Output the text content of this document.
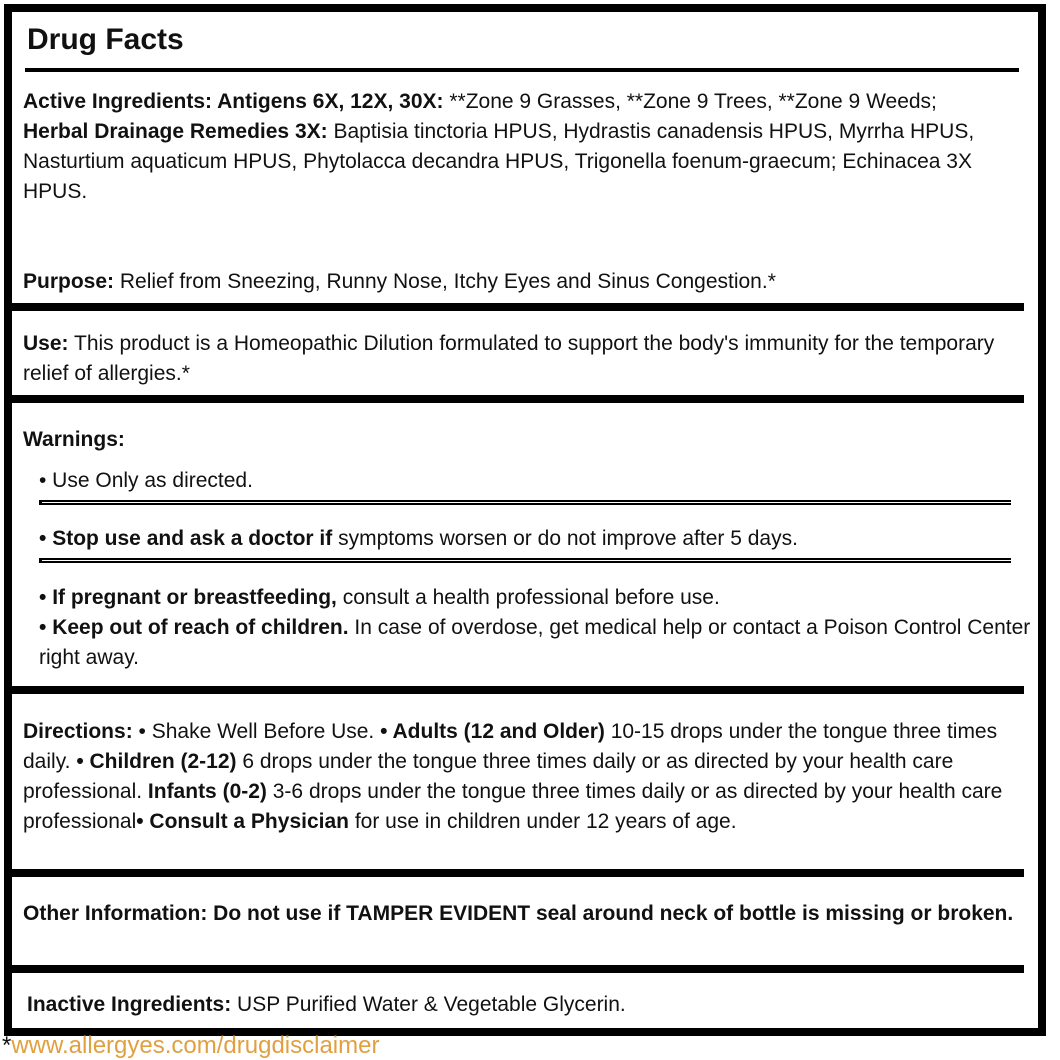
Drug Facts
Active Ingredients: Antigens 6X, 12X, 30X: **Zone 9 Grasses, **Zone 9 Trees, **Zone 9 Weeds;
Herbal Drainage Remedies 3X: Baptisia tinctoria HPUS, Hydrastis canadensis HPUS, Myrrha HPUS, Nasturtium aquaticum HPUS, Phytolacca decandra HPUS, Trigonella foenum-graecum; Echinacea 3X HPUS.
Purpose: Relief from Sneezing, Runny Nose, Itchy Eyes and Sinus Congestion.*
Use: This product is a Homeopathic Dilution formulated to support the body's immunity for the temporary relief of allergies.*
Warnings:
• Use Only as directed.
• Stop use and ask a doctor if symptoms worsen or do not improve after 5 days.
• If pregnant or breastfeeding, consult a health professional before use.
• Keep out of reach of children. In case of overdose, get medical help or contact a Poison Control Center right away.
Directions: • Shake Well Before Use. • Adults (12 and Older) 10-15 drops under the tongue three times daily. • Children (2-12) 6 drops under the tongue three times daily or as directed by your health care professional. Infants (0-2) 3-6 drops under the tongue three times daily or as directed by your health care professional• Consult a Physician for use in children under 12 years of age.
Other Information: Do not use if TAMPER EVIDENT seal around neck of bottle is missing or broken.
Inactive Ingredients: USP Purified Water & Vegetable Glycerin.
*www.allergyes.com/drugdisclaimer
